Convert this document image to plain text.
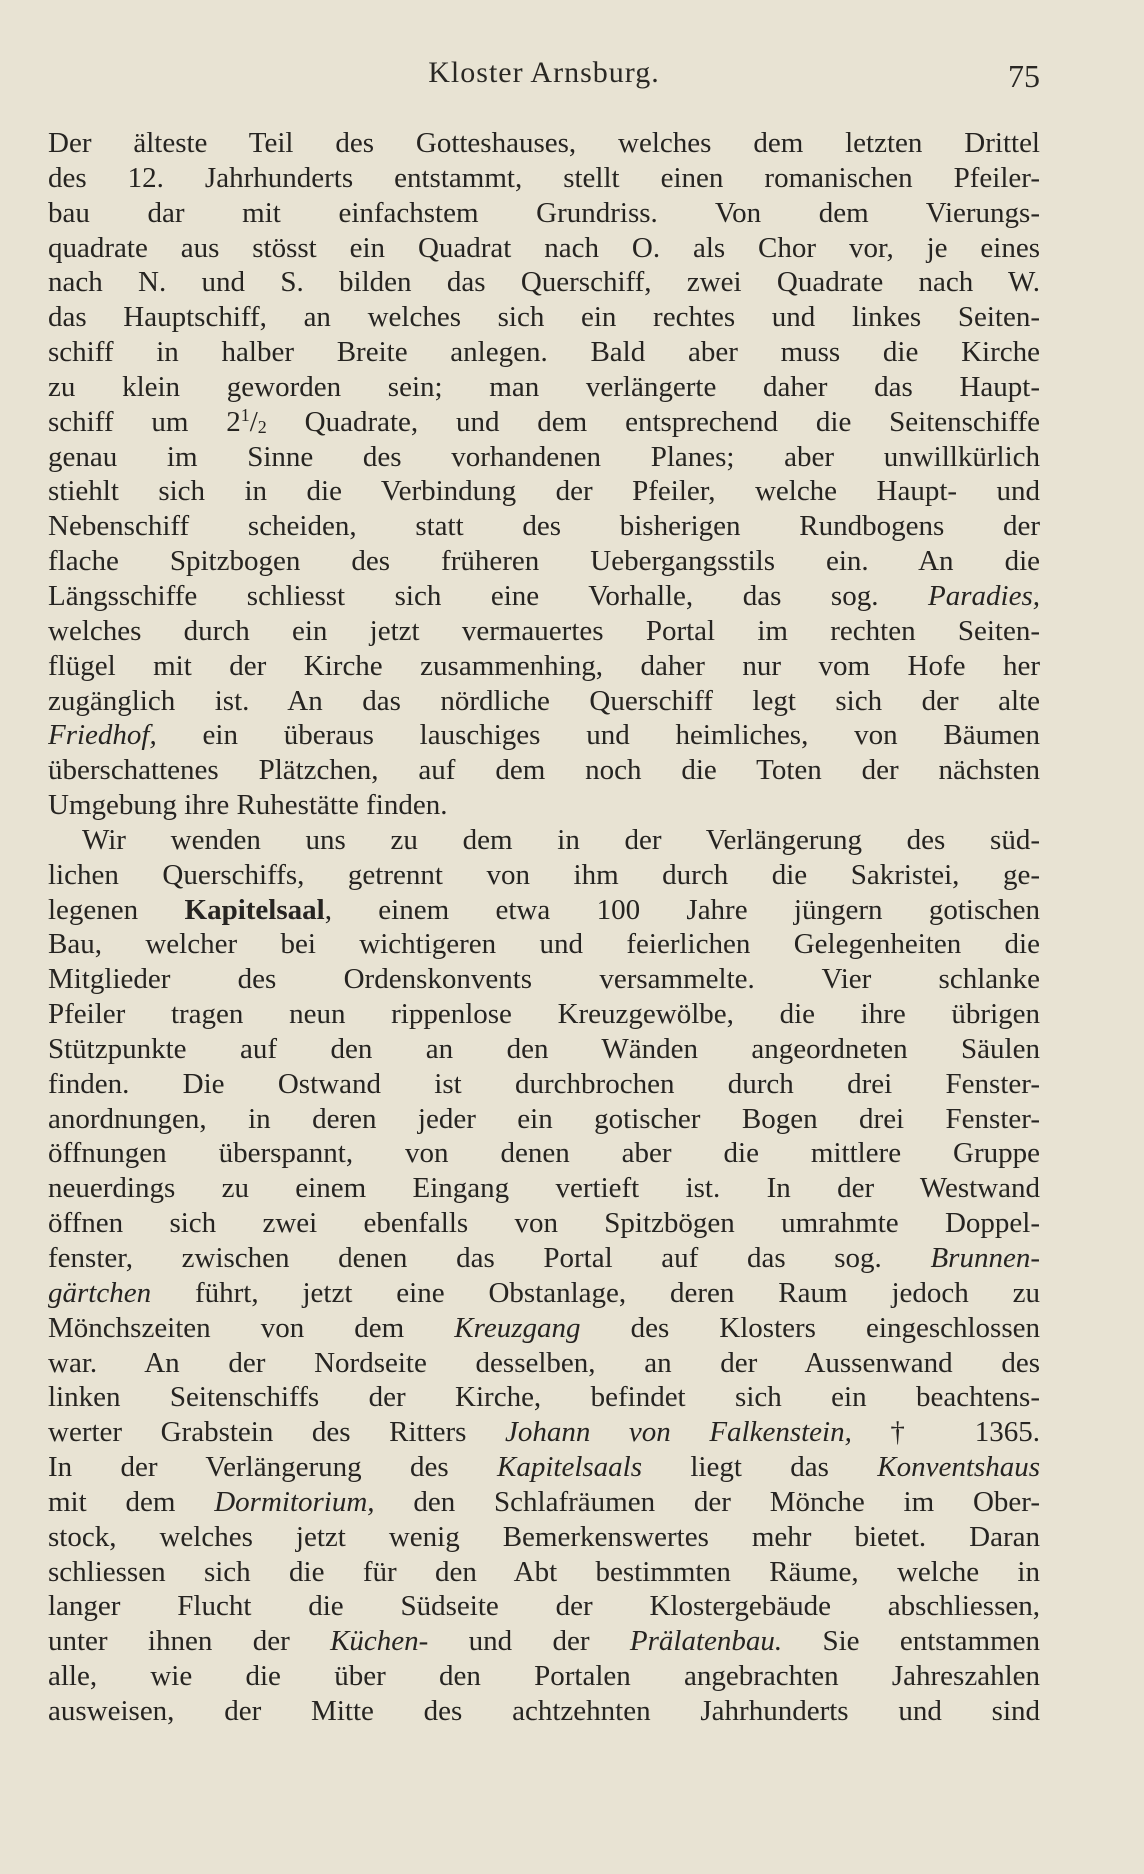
Kloster Arnsburg.	75
Der älteste Teil des Gotteshauses, welches dem letzten Drittel
des 12. Jahrhunderts entstammt, stellt einen romanischen Pfeiler-
bau dar mit einfachstem Grundriss. Von dem Vierungs-
quadrate aus stösst ein Quadrat nach O. als Chor vor, je eines
nach N. und S. bilden das Querschiff, zwei Quadrate nach W.
das Hauptschiff, an welches sich ein rechtes und linkes Seiten-
schiff in halber Breite anlegen. Bald aber muss die Kirche
zu klein geworden sein; man verlängerte daher das Haupt-
schiff um $2^1/_2$ Quadrate, und dem entsprechend die Seitenschiffe
genau im Sinne des vorhandenen Planes; aber unwillkürlich
stiehlt sich in die Verbindung der Pfeiler, welche Haupt- und
Nebenschiff scheiden, statt des bisherigen Rundbogens der
flache Spitzbogen des früheren Uebergangsstils ein. An die
Längsschiffe schliesst sich eine Vorhalle, das sog. Paradies,
welches durch ein jetzt vermauertes Portal im rechten Seiten-
flügel mit der Kirche zusammenhing, daher nur vom Hofe her
zugänglich ist. An das nördliche Querschiff legt sich der alte
Friedhof, ein überaus lauschiges und heimliches, von Bäumen
überschattenes Plätzchen, auf dem noch die Toten der nächsten
Umgebung ihre Ruhestätte finden.
Wir wenden uns zu dem in der Verlängerung des süd-
lichen Querschiffs, getrennt von ihm durch die Sakristei, ge-
legenen Kapitelsaal, einem etwa 100 Jahre jüngern gotischen
Bau, welcher bei wichtigeren und feierlichen Gelegenheiten die
Mitglieder des Ordenskonvents versammelte. Vier schlanke
Pfeiler tragen neun rippenlose Kreuzgewölbe, die ihre übrigen
Stützpunkte auf den an den Wänden angeordneten Säulen
finden. Die Ostwand ist durchbrochen durch drei Fenster-
anordnungen, in deren jeder ein gotischer Bogen drei Fenster-
öffnungen überspannt, von denen aber die mittlere Gruppe
neuerdings zu einem Eingang vertieft ist. In der Westwand
öffnen sich zwei ebenfalls von Spitzbögen umrahmte Doppel-
fenster, zwischen denen das Portal auf das sog. Brunnen-
gärtchen führt, jetzt eine Obstanlage, deren Raum jedoch zu
Mönchszeiten von dem Kreuzgang des Klosters eingeschlossen
war. An der Nordseite desselben, an der Aussenwand des
linken Seitenschiffs der Kirche, befindet sich ein beachtens-
werter Grabstein des Ritters Johann von Falkenstein, † 1365.
In der Verlängerung des Kapitelsaals liegt das Konventshaus
mit dem Dormitorium, den Schlafräumen der Mönche im Ober-
stock, welches jetzt wenig Bemerkenswertes mehr bietet. Daran
schliessen sich die für den Abt bestimmten Räume, welche in
langer Flucht die Südseite der Klostergebäude abschliessen,
unter ihnen der Küchen- und der Prälatenbau. Sie entstammen
alle, wie die über den Portalen angebrachten Jahreszahlen
ausweisen, der Mitte des achtzehnten Jahrhunderts und sind
